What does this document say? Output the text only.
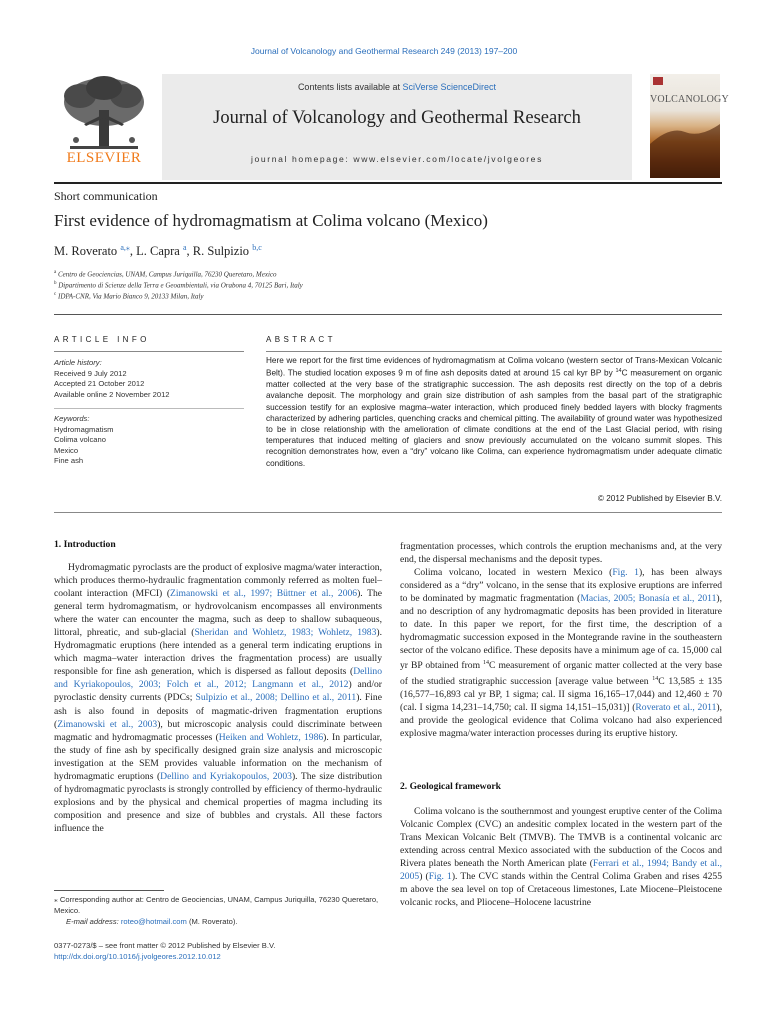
Journal of Volcanology and Geothermal Research 249 (2013) 197–200
Contents lists available at SciVerse ScienceDirect
Journal of Volcanology and Geothermal Research
journal homepage: www.elsevier.com/locate/jvolgeores
ELSEVIER
VOLCANOLOGY
Short communication
First evidence of hydromagmatism at Colima volcano (Mexico)
M. Roverato $^{a,⁎}$, L. Capra $^a$, R. Sulpizio $^{b,c}$
$^a$ Centro de Geociencias, UNAM, Campus Juriquilla, 76230 Queretaro, Mexico
$^b$ Dipartimento di Scienze della Terra e Geoambientali, via Orabona 4, 70125 Bari, Italy
$^c$ IDPA-CNR, Via Mario Bianco 9, 20133 Milan, Italy
ARTICLE INFO
Article history:
Received 9 July 2012
Accepted 21 October 2012
Available online 2 November 2012
Keywords:
Hydromagmatism
Colima volcano
Mexico
Fine ash
ABSTRACT
Here we report for the first time evidences of hydromagmatism at Colima volcano (western sector of Trans-Mexican Volcanic Belt). The studied location exposes 9 m of fine ash deposits dated at around 15 cal kyr BP by $^{14}$C measurement on organic matter collected at the very base of the stratigraphic succession. The ash deposits rest directly on the top of a debris avalanche deposit. The morphology and grain size distribution of ash samples from the basal part of the stratigraphic succession testify for an explosive magma–water interaction, which produced finely bedded layers with blocky fragments characterized by adhering particles, quenching cracks and chemical pitting. The availability of ground water was hypothesized to be in close relationship with the amelioration of climate conditions at the end of the Last Glacial period, with rising temperatures that induced melting of glaciers and snow previously accumulated on the volcano summit slopes. This recognition demonstrates how, even a “dry” volcano like Colima, can experience hydromagmatism under adequate climatic conditions.
© 2012 Published by Elsevier B.V.
1. Introduction

Hydromagmatic pyroclasts are the product of explosive magma/water interaction, which produces thermo-hydraulic fragmentation commonly referred as molten fuel–coolant interaction (MFCI) (Zimanowski et al., 1997; Büttner et al., 2006). The general term hydromagmatism, or hydrovolcanism encompasses all environments where the water can encounter the magma, such as deep to shallow subaqueous, littoral, phreatic, and sub-glacial (Sheridan and Wohletz, 1983; Wohletz, 1983). Hydromagmatic eruptions (here intended as a general term indicating eruptions in which magma–water interaction drives the fragmentation process) are usually responsible for fine ash generation, which is dispersed as fallout deposits (Dellino and Kyriakopoulos, 2003; Folch et al., 2012; Langmann et al., 2012) and/or pyroclastic density currents (PDCs; Sulpizio et al., 2008; Dellino et al., 2011). Fine ash is also found in deposits of magmatic-driven fragmentation eruptions (Zimanowski et al., 2003), but microscopic analysis could discriminate between magmatic and hydromagmatic processes (Heiken and Wohletz, 1986). In particular, the study of fine ash by specifically designed grain size analysis and microscopic investigation at the SEM provides valuable information on the mechanism of hydromagmatic eruptions (Dellino and Kyriakopoulos, 2003). The size distribution of hydromagmatic pyroclasts is strongly controlled by efficiency of thermo-hydraulic explosions and by the physical and chemical properties of magma including its composition and presence and size of bubbles and crystals. All these factors influence the

fragmentation processes, which controls the eruption mechanisms and, at the very end, the dispersal mechanisms and the deposit types.

Colima volcano, located in western Mexico (Fig. 1), has been always considered as a “dry” volcano, in the sense that its explosive eruptions are inferred to be dominated by magmatic fragmentation (Macias, 2005; Bonasía et al., 2011), and no description of any hydromagmatic deposits has been provided in literature to date. In this paper we report, for the first time, the description of a hydromagmatic succession exposed in the Montegrande ravine in the southeastern sector of the volcano edifice. These deposits have a minimum age of ca. 15,000 cal yr BP obtained from $^{14}$C measurement of organic matter collected at the very base of the studied stratigraphic succession [average value between $^{14}$C 13,585 ± 135 (16,577–16,893 cal yr BP, 1 sigma; cal. II sigma 16,165–17,044) and 12,460 ± 70 (cal. I sigma 14,231–14,750; cal. II sigma 14,151–15,031)] (Roverato et al., 2011), and provide the geological evidence that Colima volcano had also experienced explosive magma/water interaction processes during its eruptive history.

2. Geological framework

Colima volcano is the southernmost and youngest eruptive center of the Colima Volcanic Complex (CVC) an andesitic complex located in the western part of the Trans Mexican Volcanic Belt (TMVB). The TMVB is a continental volcanic arc extending across central Mexico associated with the subduction of the Cocos and Rivera plates beneath the North American plate (Ferrari et al., 1994; Bandy et al., 2005) (Fig. 1). The CVC stands within the Central Colima Graben and rises 4255 m above the sea level on top of Cretaceous limestones, Late Miocene–Pleistocene volcanic rocks, and Pliocene–Holocene lacustrine

⁎ Corresponding author at: Centro de Geociencias, UNAM, Campus Juriquilla, 76230 Queretaro, Mexico.
E-mail address: roteo@hotmail.com (M. Roverato).
0377-0273/$ – see front matter © 2012 Published by Elsevier B.V.
http://dx.doi.org/10.1016/j.jvolgeores.2012.10.012
